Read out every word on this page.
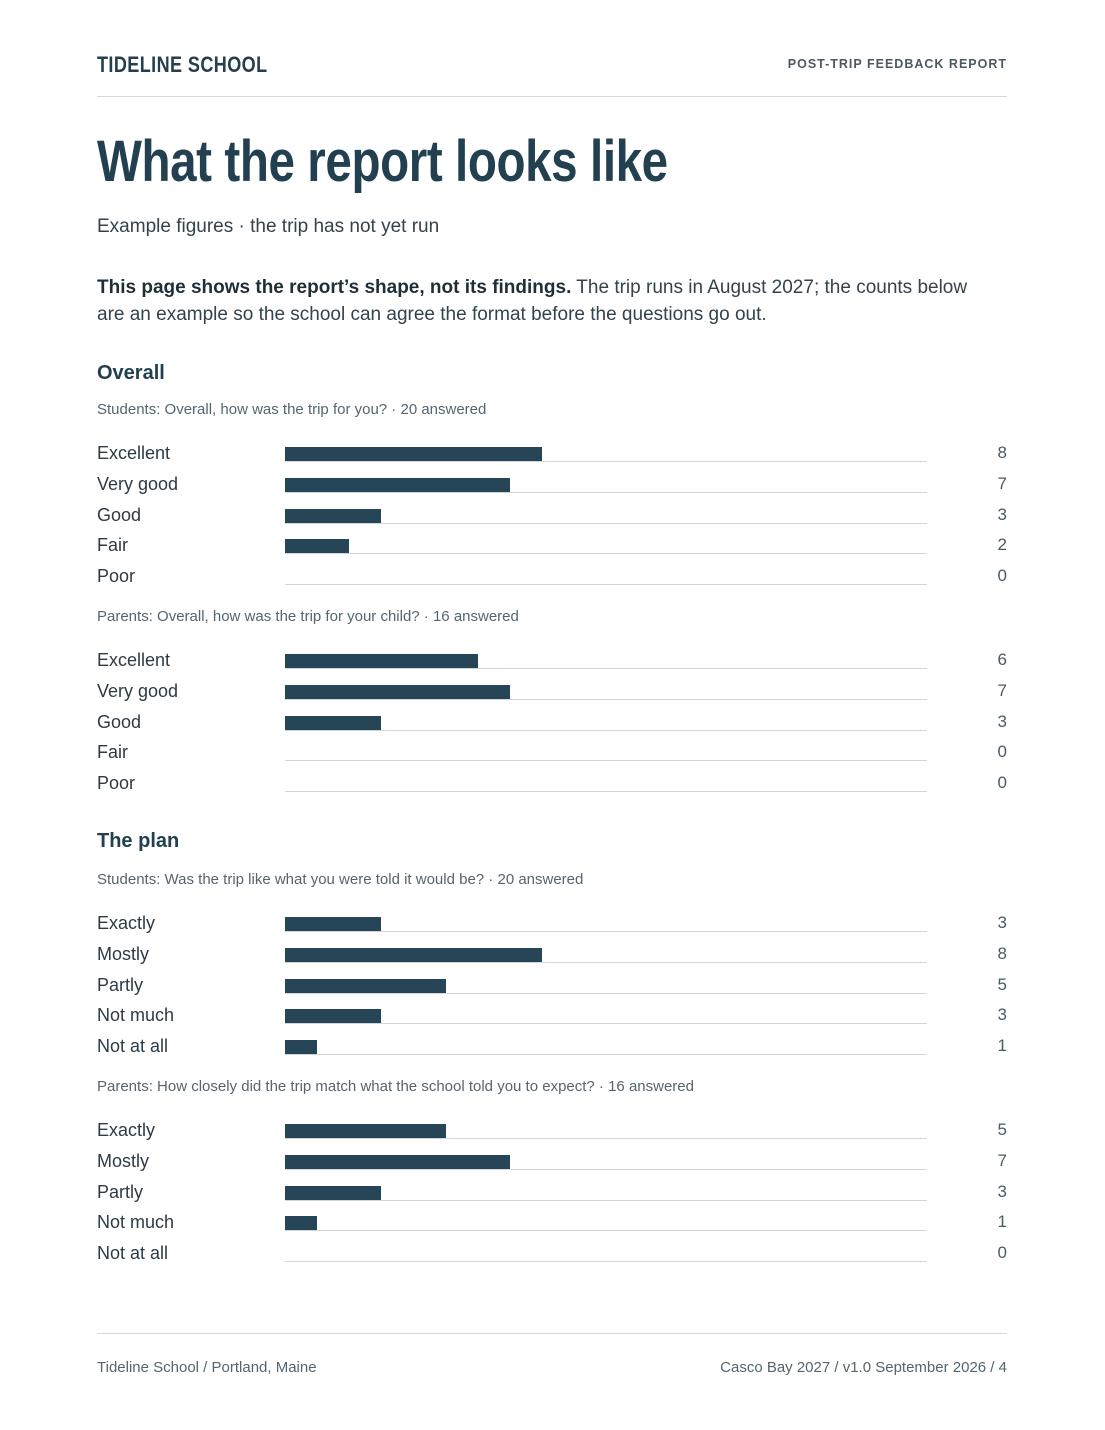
TIDELINE SCHOOL	POST-TRIP FEEDBACK REPORT
What the report looks like
Example figures · the trip has not yet run
This page shows the report’s shape, not its findings. The trip runs in August 2027; the counts below are an example so the school can agree the format before the questions go out.
Overall
Students: Overall, how was the trip for you? · 20 answered
Excellent	8
Very good	7
Good	3
Fair	2
Poor	0
Parents: Overall, how was the trip for your child? · 16 answered
Excellent	6
Very good	7
Good	3
Fair	0
Poor	0
The plan
Students: Was the trip like what you were told it would be? · 20 answered
Exactly	3
Mostly	8
Partly	5
Not much	3
Not at all	1
Parents: How closely did the trip match what the school told you to expect? · 16 answered
Exactly	5
Mostly	7
Partly	3
Not much	1
Not at all	0
Tideline School / Portland, Maine	Casco Bay 2027 / v1.0 September 2026 / 4
